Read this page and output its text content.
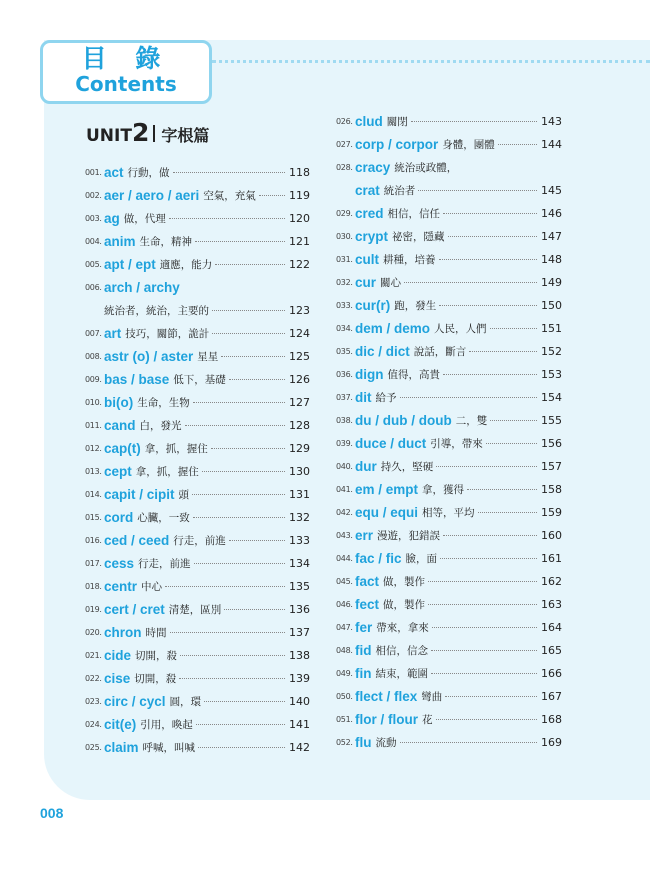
目 錄
Contents
UNIT2 字根篇
001. act 行動，做	118
002. aer / aero / aeri 空氣，充氣	119
003. ag 做，代理	120
004. anim 生命，精神	121
005. apt / ept 適應，能力	122
006. arch / archy
統治者，統治，主要的	123
007. art 技巧，關節，詭計	124
008. astr (o) / aster 星星	125
009. bas / base 低下，基礎	126
010. bi(o) 生命，生物	127
011. cand 白，發光	128
012. cap(t) 拿，抓，握住	129
013. cept 拿，抓，握住	130
014. capit / cipit 頭	131
015. cord 心臟，一致	132
016. ced / ceed 行走，前進	133
017. cess 行走，前進	134
018. centr 中心	135
019. cert / cret 清楚，區別	136
020. chron 時間	137
021. cide 切開，殺	138
022. cise 切開，殺	139
023. circ / cycl 圓，環	140
024. cit(e) 引用，喚起	141
025. claim 呼喊，叫喊	142
026. clud 關閉	143
027. corp / corpor 身體，團體	144
028. cracy 統治或政體，
crat 統治者	145
029. cred 相信，信任	146
030. crypt 祕密，隱藏	147
031. cult 耕種，培養	148
032. cur 關心	149
033. cur(r) 跑，發生	150
034. dem / demo 人民，人們	151
035. dic / dict 說話，斷言	152
036. dign 值得，高貴	153
037. dit 給予	154
038. du / dub / doub 二，雙	155
039. duce / duct 引導，帶來	156
040. dur 持久，堅硬	157
041. em / empt 拿，獲得	158
042. equ / equi 相等，平均	159
043. err 漫遊，犯錯誤	160
044. fac / fic 臉，面	161
045. fact 做，製作	162
046. fect 做，製作	163
047. fer 帶來，拿來	164
048. fid 相信，信念	165
049. fin 結束，範圍	166
050. flect / flex 彎曲	167
051. flor / flour 花	168
052. flu 流動	169
008
